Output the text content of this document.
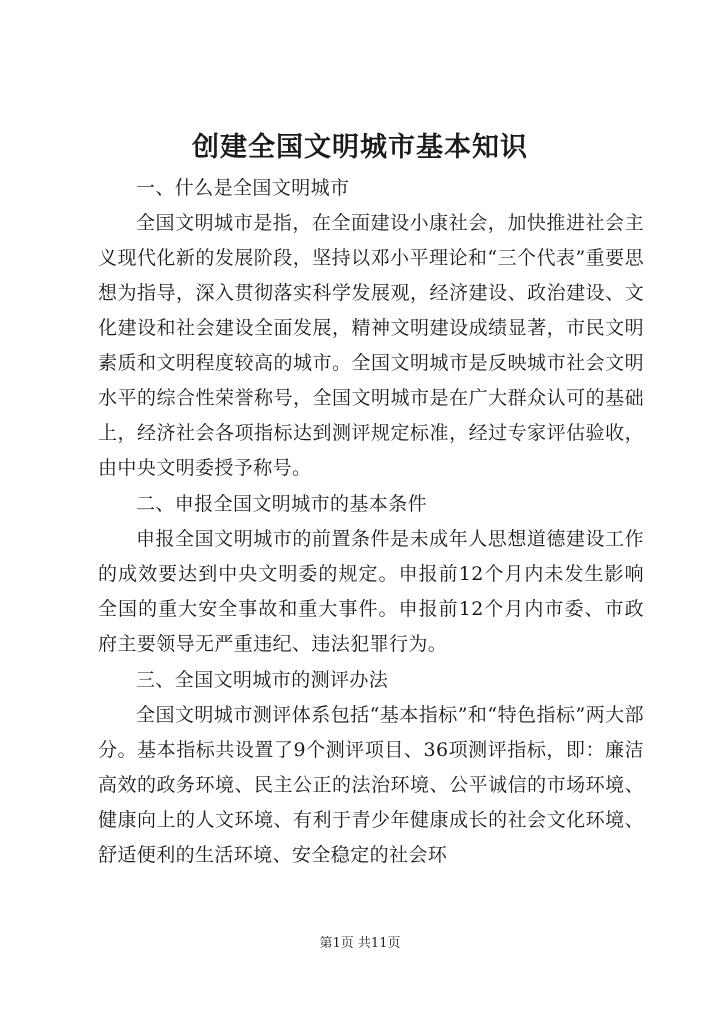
创建全国文明城市基本知识

一、什么是全国文明城市

全国文明城市是指，在全面建设小康社会，加快推进社会主义现代化新的发展阶段，坚持以邓小平理论和“三个代表”重要思想为指导，深入贯彻落实科学发展观，经济建设、政治建设、文化建设和社会建设全面发展，精神文明建设成绩显著，市民文明素质和文明程度较高的城市。全国文明城市是反映城市社会文明水平的综合性荣誉称号，全国文明城市是在广大群众认可的基础上，经济社会各项指标达到测评规定标准，经过专家评估验收，由中央文明委授予称号。

二、申报全国文明城市的基本条件

申报全国文明城市的前置条件是未成年人思想道德建设工作的成效要达到中央文明委的规定。申报前12个月内未发生影响全国的重大安全事故和重大事件。申报前12个月内市委、市政府主要领导无严重违纪、违法犯罪行为。

三、全国文明城市的测评办法

全国文明城市测评体系包括“基本指标”和“特色指标”两大部分。基本指标共设置了9个测评项目、36项测评指标，即：廉洁高效的政务环境、民主公正的法治环境、公平诚信的市场环境、健康向上的人文环境、有利于青少年健康成长的社会文化环境、舒适便利的生活环境、安全稳定的社会环

第1页 共11页
